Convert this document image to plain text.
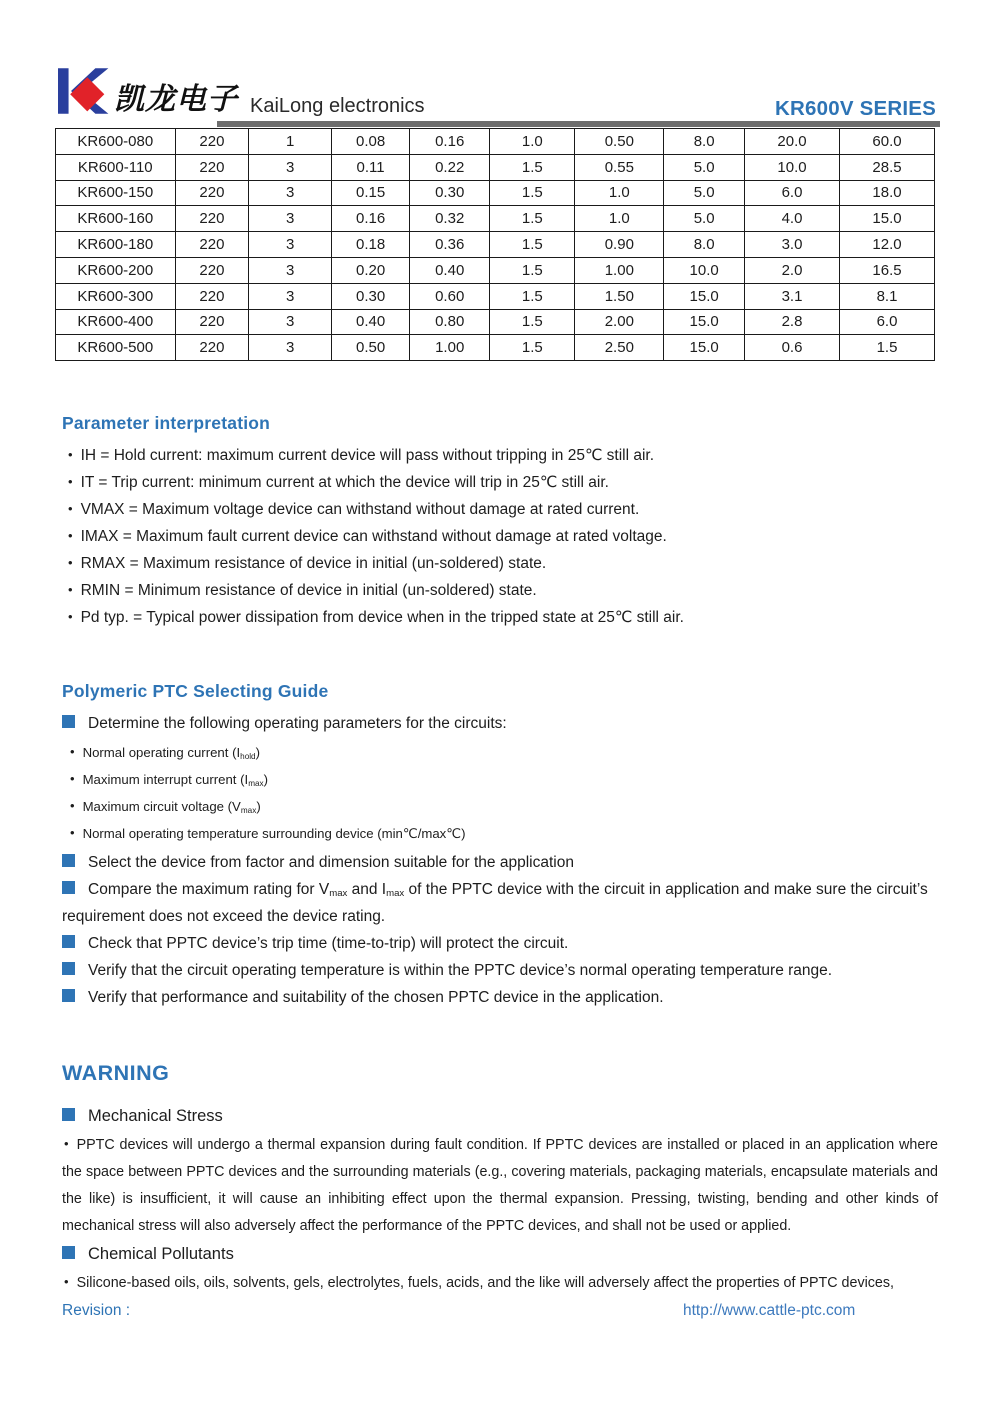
凯龙电子 KaiLong electronics	KR600V SERIES
KR600-080	220	1	0.08	0.16	1.0	0.50	8.0	20.0	60.0
KR600-110	220	3	0.11	0.22	1.5	0.55	5.0	10.0	28.5
KR600-150	220	3	0.15	0.30	1.5	1.0	5.0	6.0	18.0
KR600-160	220	3	0.16	0.32	1.5	1.0	5.0	4.0	15.0
KR600-180	220	3	0.18	0.36	1.5	0.90	8.0	3.0	12.0
KR600-200	220	3	0.20	0.40	1.5	1.00	10.0	2.0	16.5
KR600-300	220	3	0.30	0.60	1.5	1.50	15.0	3.1	8.1
KR600-400	220	3	0.40	0.80	1.5	2.00	15.0	2.8	6.0
KR600-500	220	3	0.50	1.00	1.5	2.50	15.0	0.6	1.5
Parameter interpretation
• IH = Hold current: maximum current device will pass without tripping in 25℃ still air.
• IT = Trip current: minimum current at which the device will trip in 25℃ still air.
• VMAX = Maximum voltage device can withstand without damage at rated current.
• IMAX = Maximum fault current device can withstand without damage at rated voltage.
• RMAX = Maximum resistance of device in initial (un-soldered) state.
• RMIN = Minimum resistance of device in initial (un-soldered) state.
• Pd typ. = Typical power dissipation from device when in the tripped state at 25℃ still air.
Polymeric PTC Selecting Guide
Determine the following operating parameters for the circuits:
• Normal operating current $(I_{hold})$
• Maximum interrupt current $(I_{max})$
• Maximum circuit voltage $(V_{max})$
• Normal operating temperature surrounding device (min℃/max℃)
Select the device from factor and dimension suitable for the application
Compare the maximum rating for $V_{max}$ and $I_{max}$ of the PPTC device with the circuit in application and make sure the circuit’s requirement does not exceed the device rating.
Check that PPTC device’s trip time (time-to-trip) will protect the circuit.
Verify that the circuit operating temperature is within the PPTC device’s normal operating temperature range.
Verify that performance and suitability of the chosen PPTC device in the application.
WARNING
Mechanical Stress
• PPTC devices will undergo a thermal expansion during fault condition. If PPTC devices are installed or placed in an application where the space between PPTC devices and the surrounding materials (e.g., covering materials, packaging materials, encapsulate materials and the like) is insufficient, it will cause an inhibiting effect upon the thermal expansion. Pressing, twisting, bending and other kinds of mechanical stress will also adversely affect the performance of the PPTC devices, and shall not be used or applied.
Chemical Pollutants
• Silicone-based oils, oils, solvents, gels, electrolytes, fuels, acids, and the like will adversely affect the properties of PPTC devices,
Revision :	http://www.cattle-ptc.com
